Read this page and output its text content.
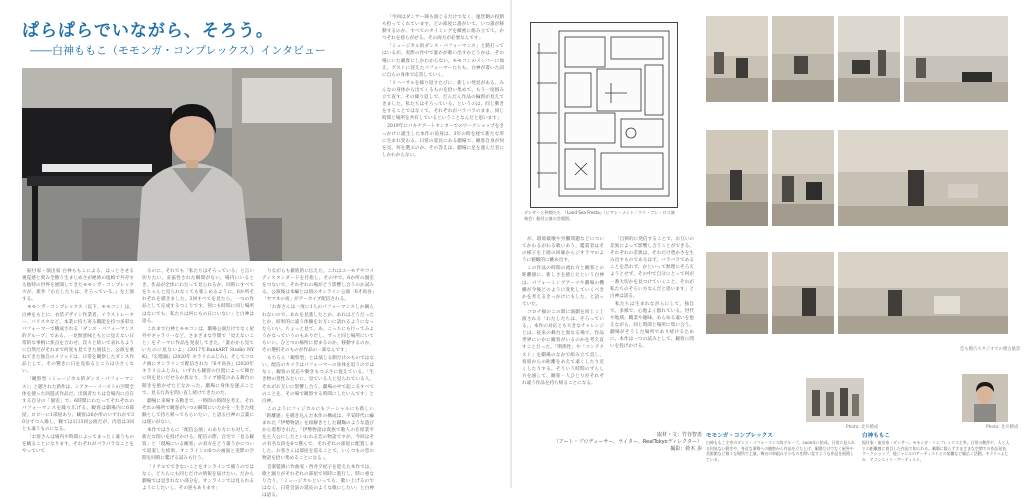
ぱらぱらでいながら、そろう。
――白神ももこ（モモンガ・コンプレックス）インタビュー

振付家・演出家 白神ももこによる、はっとさせる視覚感と奥み全勝う生まじめさが絶妙の塩梅で共存する独特の世界を展開してきたモモンガ・コンプレックスが、新作『わたしたちは、そろっている。』を上演する。

モモンガ・コンプレックス（以下、モモコン）は、白神をもとに、衣装デザイン作業者、イラストレーター、バリスタなど、本業に持ち寄る職能を持つ多彩なパフォーマーで構成される「ダンス・パフォーマンス的グループ」である。一見無意味ともとに見えない日常的な事柄に焦点を合わせ、次々と紡いで表れるように自然だがそれまで何度も見てきた演技と、公演を重ねてきた独自のメソッドは、日常を観察したダンス作品として、その驚きに日を見張るところは小さくない。

「観察型（ミュージカル的ダンス・パフォーマンス）」と題された新作は、シアター・イーストの空間全体を使った回遊式作品だ。出演者たちは会場内に点在する自分の「個室」で、6時間にわたってそれぞれのパフォーマンスを繰り広げる。観客は劇場内に6部屋、ロビーに1部屋あり、観客は6か所のいずれかで30分ずつ入場し、観ては1日3回公演だが、内容は3回とも違うものになる。

「お客さんは場内や時間によってまったく違うものを観ることになります。それぞれがパラパラなことをやっていて

るのに、それでも「私たちはそろっている」と言い切りたい。妥協性された瞬間がない。場内にいるとき、作品が全体にわたって見られるか、同時にすべてをちゃんと見られなくても楽しめるように、6か所それぞれを描きました。3回すべてを見たら、一つの作品として完成するつくりです。何にも時間に同じ場所はないでも、私たちは何にもの日にいない」と白神は語る。

これまで白神とモモコンは、劇場公演だけでなく屋外やギャラリーなど、さまざまな空間で「見えないこと」をテーマに作品を発表してきた。「誰かから見ていたのに見ないよ」(2017年BankART Studio NYK)、『幻肢踊』(2020年 キラリ☆ふじみ)、そしてコロナ禍にオンラインで配信された『6才高谷』(2020年 キラリ☆ふじみ)。いずれも観客の位置によって舞台に何を見いだせるか異なり、ライブ感覚のある舞台の開きを抱かせたどなかった。劇場に身体を運ぶことで、見る行為を問い直し続けてきたのだ。

劇場に来場する動きで、一時間の時間を考え、それぞれの場所で観客がいつの瞬間にいたかを一生きた経験として持ち帰ってもらいたい、と語る白神の言葉には迷いがない。

本作ではさらに「配信公演」のあり方にも対して、新たな問いを投げかける。配信の際、自宅で「見る観客」と「現場にいる観客」の双方をどう扱うかについて思案した結果、オンラインの6つの画面と実際の空間を同時に繋げる試みも行う。

「リアルでできないことをオンラインで補うのではなく、どちらにも同じだけの情報を届けたい。だから劇場では見きれない部分を、オンラインでは見られるようにしたいし、その逆もあります」

りながらも徹底的に伝えた。これはユーモアやコメディスタンダードを目指し、その中で、6か所の個室をつないで、それぞれの場がどう影響し合うのか試みる。公演後は本編とは別のオンライン公演「6才高谷」「ヤマネの夜」がアーカイブ配信される。

「お客さんは一度に1人のパフォーマンスしか観られないので、あれを見逃したとか、あれはどうだったとか、結果的に違う体験をお互いに語れるようになったらいい。ちょっと見て、あ、こっちにも行ってみようかなっていうのもありだし、ずっと同じ場所にいてもいい。ひとつの場所に留まるのか、移動するのか、その選択そのものが作品の一部なんです」

もちろん「観察型」とは演じる側だけのものではない。配信のカメラはパフォーマーの身体を追うのではなく、観客の反応や動きもつぶさに捉えている。「生き物の習性みたいに、見ている人と見られている人、それがお互いに影響し合う。劇場の中で起こるすべてのことを、その場で観察する時間にしたいんです」と白神。

このようにフィジカルにもソーシャルにも新しい「距離感」を描き込んだ本作の構成は、平安時代に編まれた『伊勢物語』を紐解きとした蹴鞠のような遊びから着想された。「伊勢物語は貴族で歌人の在原業平を主人公にしたといわれる恋の物語ですが、今回はその有名な段を6つ選んで、それぞれの部屋に配置しました。お客さんは部屋を巡ることで、いくつもの恋の物語を拾い集めることになる」。

音楽監修に作曲家・西井夕紀子を迎えた本作では、歌と踊りがそれぞれの部屋で同時に進行し、時に重なり合う。「ミュージカルといっても、歌い上げるのではなく、日常会話の延長のような歌にしたい」と白神は語る。

「今回はダンサー陣も演じるだけでなく、運営側の役割も担ってくれています。どの部屋に誰がいて、いつ誰が移動するのか、すべてのタイミングを緻密に組み立てて、かつそれを揺らがせる。その両方が必要なんです」

「ミュージカル的ダンス・パフォーマンス」と銘打ってはいるが、実際の作中で誰かが歌い出すかどうかは、その場にいた観客にしかわからない。モモコンのメンバーに加え、ゲストに迎えたパフォーマーたちも、白神が書いた詞に自らの身体で応答していく。

「リハーサルを繰り返すたびに、新しい発見がある。みんなの身体から出てくるものを拾い集めて、もう一度組み立て直す。その繰り返しで、だんだん作品の輪郭が見えてきました。私たちはそろっている、というのは、同じ動きをすることではなくて、それぞれがバラバラのまま、同じ時間と場所を共有しているということなんだと思います」

2019年にパキナアートセンターでのワークショップをきっかけに誕生した本作の前身は、3年の時を経て新たな形に生まれ変わる。日常の延長にある劇場で、観客自身が何を見、何を選ぶのか。その答えは、劇場に足を運んだ者にしかわからない。

ダンサーと仲間たち　『Land Sea Fresta』（ピアシ・ナイト／ウリ・ブレ・ロス演奏会）振付公演の会場図。

が、環境破壊や労働問題などについてかわるがわる歌いあう。鑑賞者はその様子を上層の回廊からジオラマのように俯瞰的に眺め出す。

この作品の時間の流れ方と観客との距離感に、新しさを感じたという白神は、パフォーミングアーツや劇場の機構が今後どのように変化していくべきかを考えるきっかけにもした、と語っていた。

コロナ禍のこの間に演劇を同じく上演される「わたしたちは、そろっている。」本作の対応とも大きなチャレンジとは、従来の舞台と異なる場で、作品世界にいかに観客がいるのかを考え直すことだった。「関係性」や「コンテクスト」を劇場のなかで組み立て直し、客席からの距離をあえて遠くしたり近くしたりする。そういう時間のずらし方を通して、観客一人ひとりがそれぞれ違う作品を持ち帰ることになる。

「自律的に発信することで、お互いの差異によって影響し合うことができる。それぞれの差異は、それだけ豊かさを生み出すものであるはず。バラバラであることを恐れず、かといって無理にそろえようとせず、その中で自分にとって何が一番大切かを見つけていくこと。それが私たちのそろい方なんだと思います」と白神は語る。

私たちは生まれながらにして、独自で、多様で、心地よく群れている。世代や地域、職業や趣味、あらゆる違いを抱えながら、同じ時間と場所に集い合う。劇場がそうした場所であり続けるために、本作は一つの試みとして、観客に問いを投げかける。

取材・文：竹谷智恵
（アート・プロデューサー、ライター、RealTokyoディレクター）
撮影：鈴木 歩
恋も稽古スタジオでの稽古風景
Photo: 北川稽成	Photo: 北川稽成
モモンガ・コンプレックス
白神ももこ主宰のダンス・パフォーマンス的グループ。2009年に結成。日常に見られる何気ない動きや、身近な事物への観察から作品を立ち上げ、劇場だけでなく屋外や美術館など様々な場所で上演。舞台の枠組みそのものを問い直すような作品を展開している。
白神ももこ
振付家・演出家・ダンサー。モモンガ・コンプレックス主宰。日常の動作や、人と人との距離感に着目した作品で知られる。劇場に限らずさまざまな空間での作品発表、ワークショップ、他ジャンルのアーティストとの協働など幅広く活動。キラリ☆ふじみ　アソシエイト・アーティスト。
